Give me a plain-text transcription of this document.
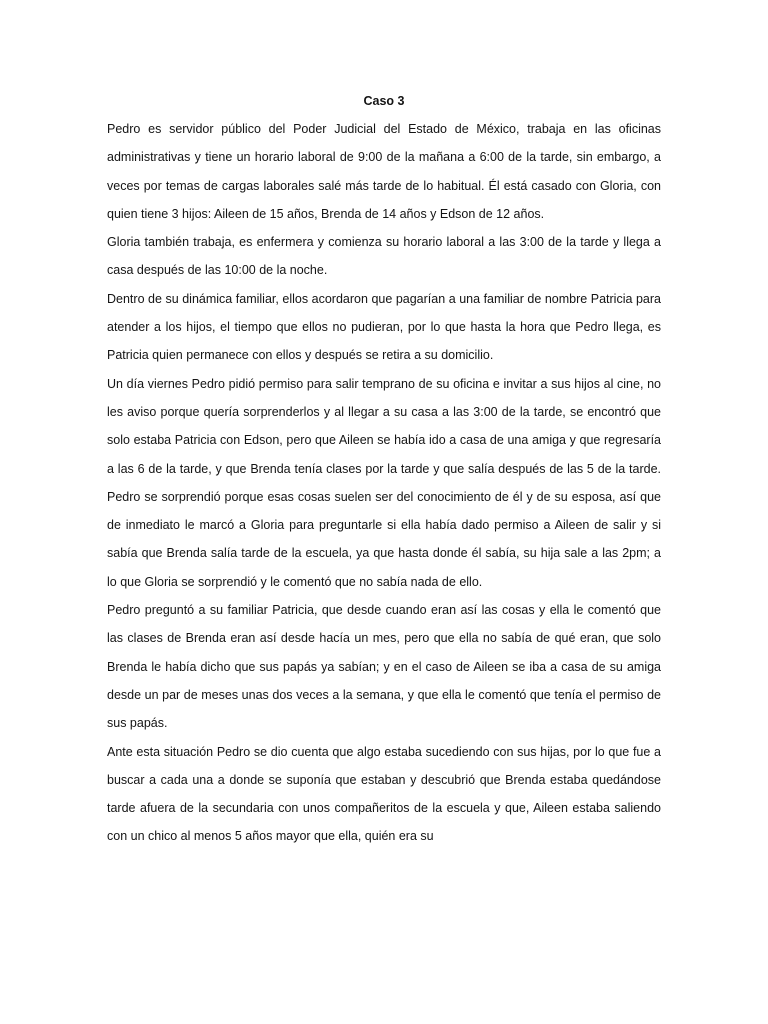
Caso 3

Pedro es servidor público del Poder Judicial del Estado de México, trabaja en las oficinas administrativas y tiene un horario laboral de 9:00 de la mañana a 6:00 de la tarde, sin embargo, a veces por temas de cargas laborales salé más tarde de lo habitual. Él está casado con Gloria, con quien tiene 3 hijos: Aileen de 15 años, Brenda de 14 años y Edson de 12 años.

Gloria también trabaja, es enfermera y comienza su horario laboral a las 3:00 de la tarde y llega a casa después de las 10:00 de la noche.

Dentro de su dinámica familiar, ellos acordaron que pagarían a una familiar de nombre Patricia para atender a los hijos, el tiempo que ellos no pudieran, por lo que hasta la hora que Pedro llega, es Patricia quien permanece con ellos y después se retira a su domicilio.

Un día viernes Pedro pidió permiso para salir temprano de su oficina e invitar a sus hijos al cine, no les aviso porque quería sorprenderlos y al llegar a su casa a las 3:00 de la tarde, se encontró que solo estaba Patricia con Edson, pero que Aileen se había ido a casa de una amiga y que regresaría a las 6 de la tarde, y que Brenda tenía clases por la tarde y que salía después de las 5 de la tarde. Pedro se sorprendió porque esas cosas suelen ser del conocimiento de él y de su esposa, así que de inmediato le marcó a Gloria para preguntarle si ella había dado permiso a Aileen de salir y si sabía que Brenda salía tarde de la escuela, ya que hasta donde él sabía, su hija sale a las 2pm; a lo que Gloria se sorprendió y le comentó que no sabía nada de ello.

Pedro preguntó a su familiar Patricia, que desde cuando eran así las cosas y ella le comentó que las clases de Brenda eran así desde hacía un mes, pero que ella no sabía de qué eran, que solo Brenda le había dicho que sus papás ya sabían; y en el caso de Aileen se iba a casa de su amiga desde un par de meses unas dos veces a la semana, y que ella le comentó que tenía el permiso de sus papás.

Ante esta situación Pedro se dio cuenta que algo estaba sucediendo con sus hijas, por lo que fue a buscar a cada una a donde se suponía que estaban y descubrió que Brenda estaba quedándose tarde afuera de la secundaria con unos compañeritos de la escuela y que, Aileen estaba saliendo con un chico al menos 5 años mayor que ella, quién era su
